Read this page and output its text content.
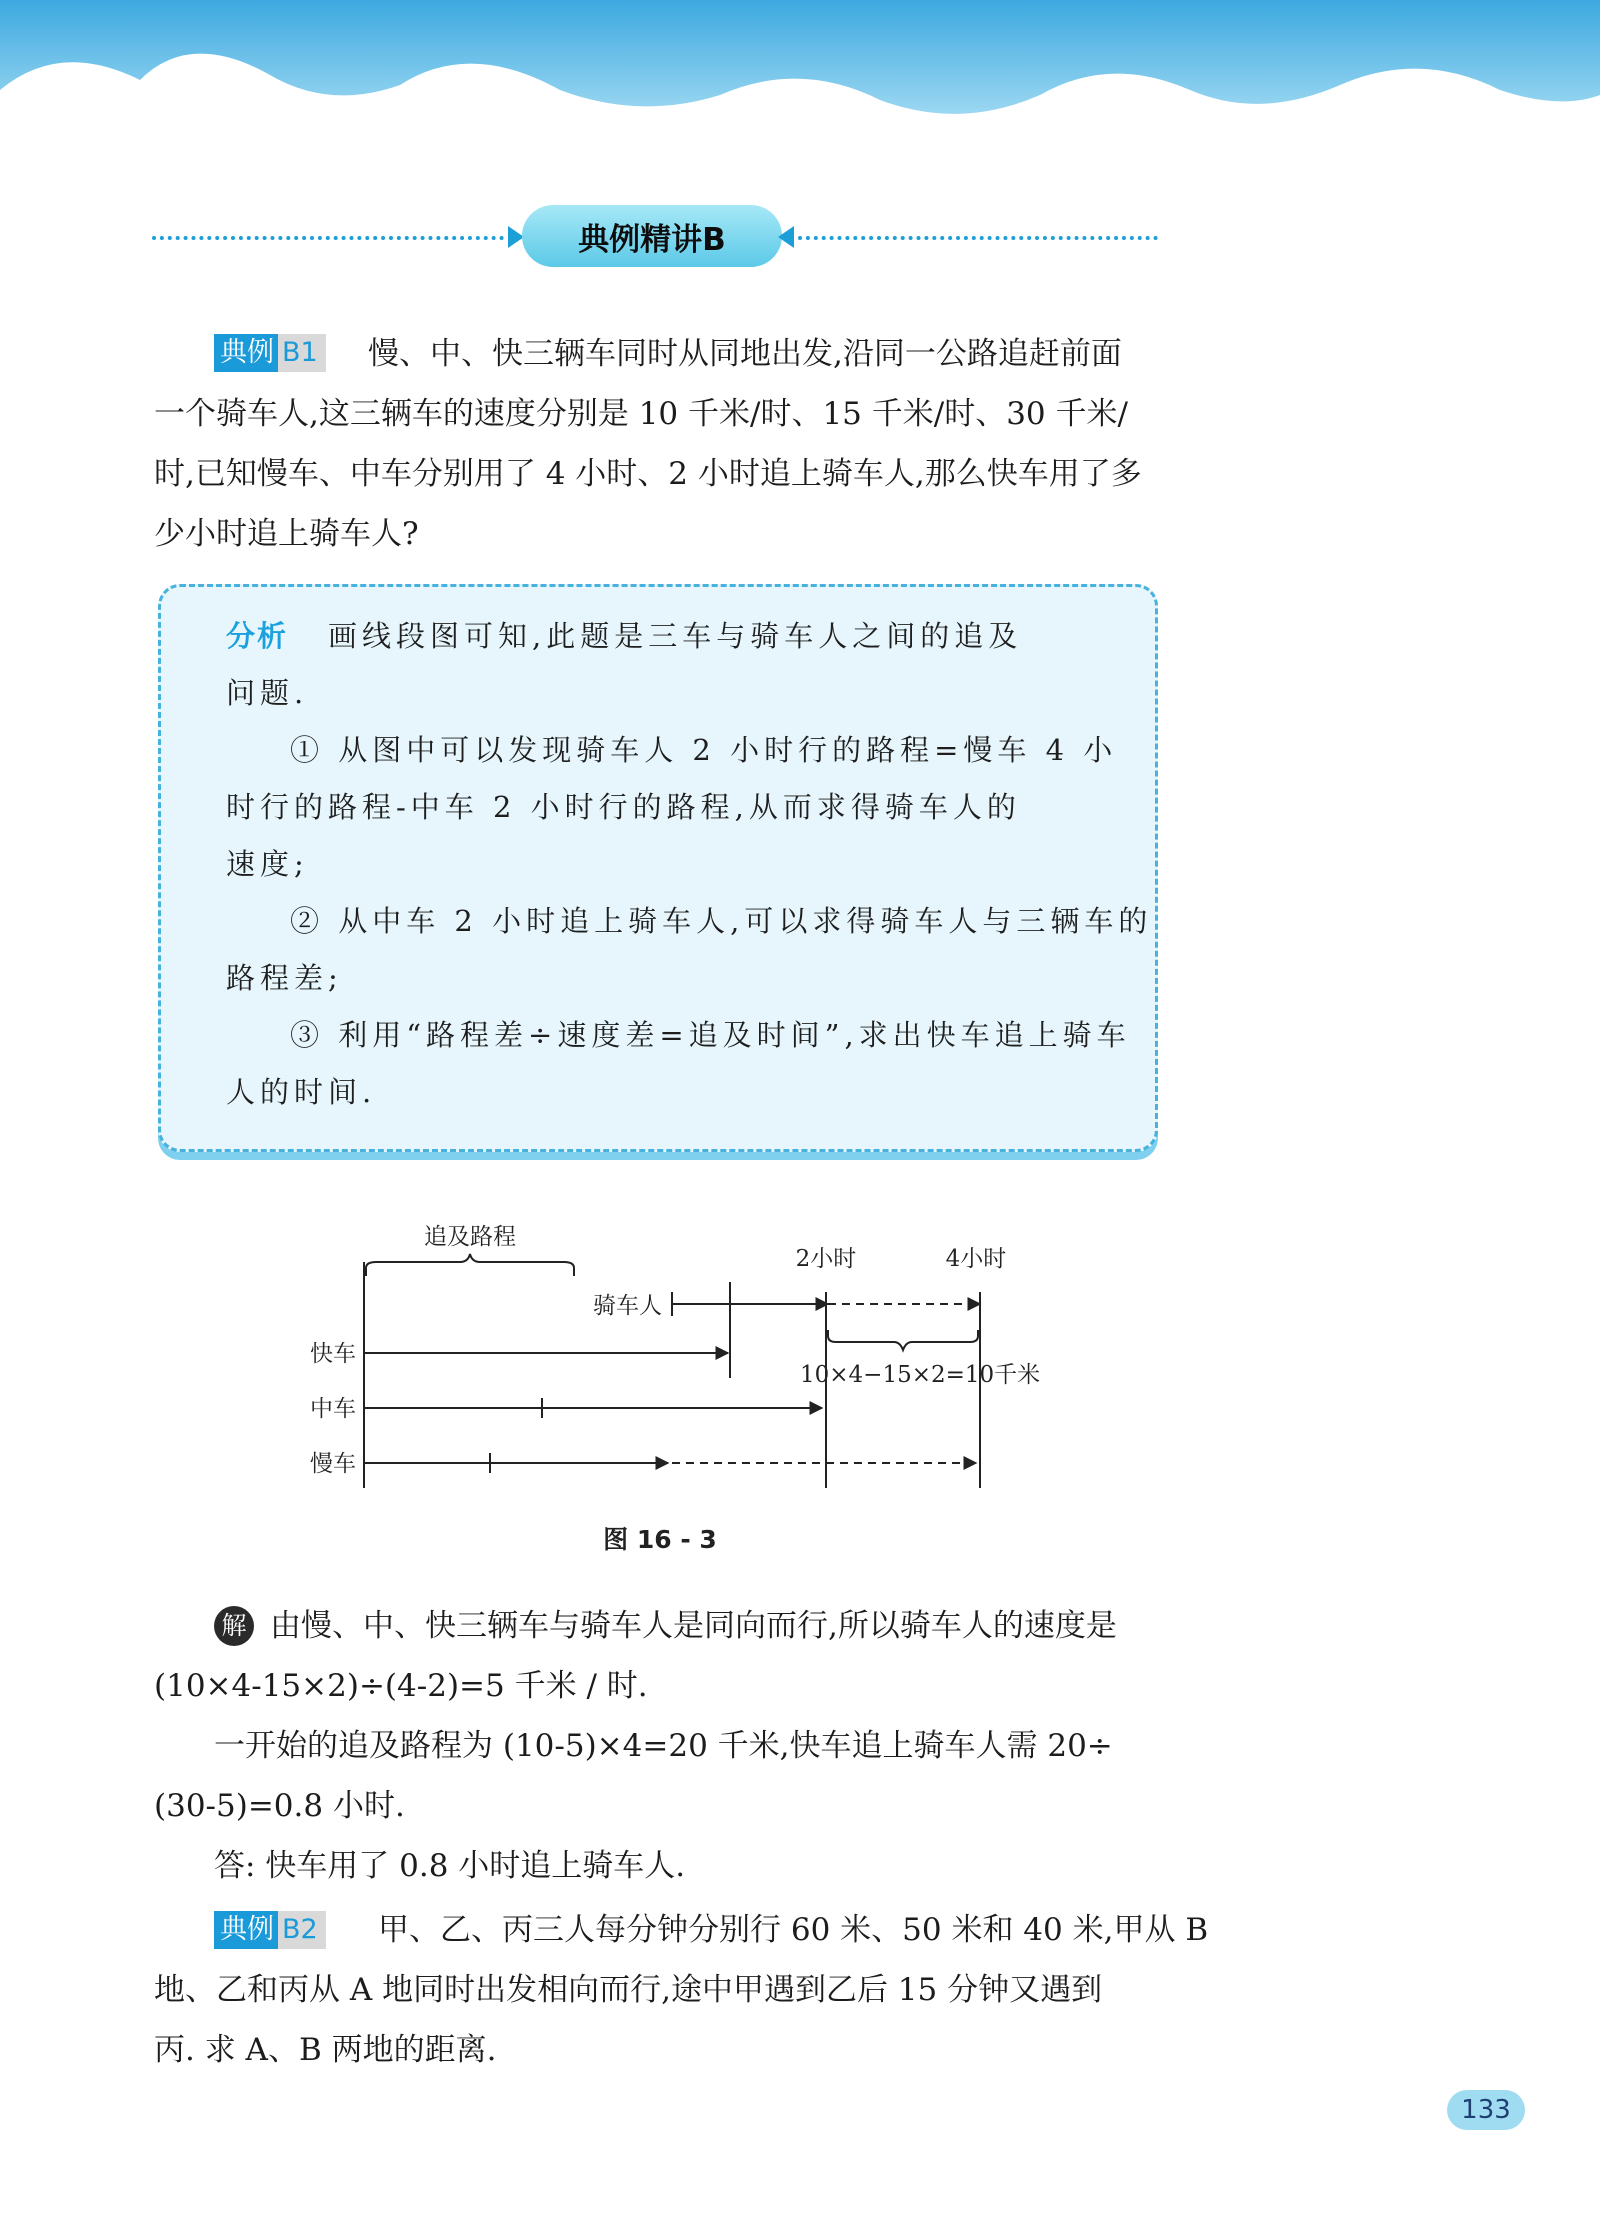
典例精讲B
典例 B1 慢、中、快三辆车同时从同地出发,沿同一公路追赶前面
一个骑车人,这三辆车的速度分别是 10 千米/时、15 千米/时、30 千米/
时,已知慢车、中车分别用了 4 小时、2 小时追上骑车人,那么快车用了多
少小时追上骑车人?
分析 画线段图可知,此题是三车与骑车人之间的追及
问题.
① 从图中可以发现骑车人 2 小时行的路程=慢车 4 小
时行的路程-中车 2 小时行的路程,从而求得骑车人的
速度;
② 从中车 2 小时追上骑车人,可以求得骑车人与三辆车的
路程差;
③ 利用“路程差÷速度差=追及时间”,求出快车追上骑车
人的时间.
追及路程
骑车人
2小时	4小时
10×4−15×2=10千米
快车
中车
慢车
图 16 - 3
解 由慢、中、快三辆车与骑车人是同向而行,所以骑车人的速度是
(10×4-15×2)÷(4-2)=5 千米 / 时.
一开始的追及路程为 (10-5)×4=20 千米,快车追上骑车人需 20÷
(30-5)=0.8 小时.
答: 快车用了 0.8 小时追上骑车人.
典例 B2 甲、乙、丙三人每分钟分别行 60 米、50 米和 40 米,甲从 B
地、乙和丙从 A 地同时出发相向而行,途中甲遇到乙后 15 分钟又遇到
丙. 求 A、B 两地的距离.
133
